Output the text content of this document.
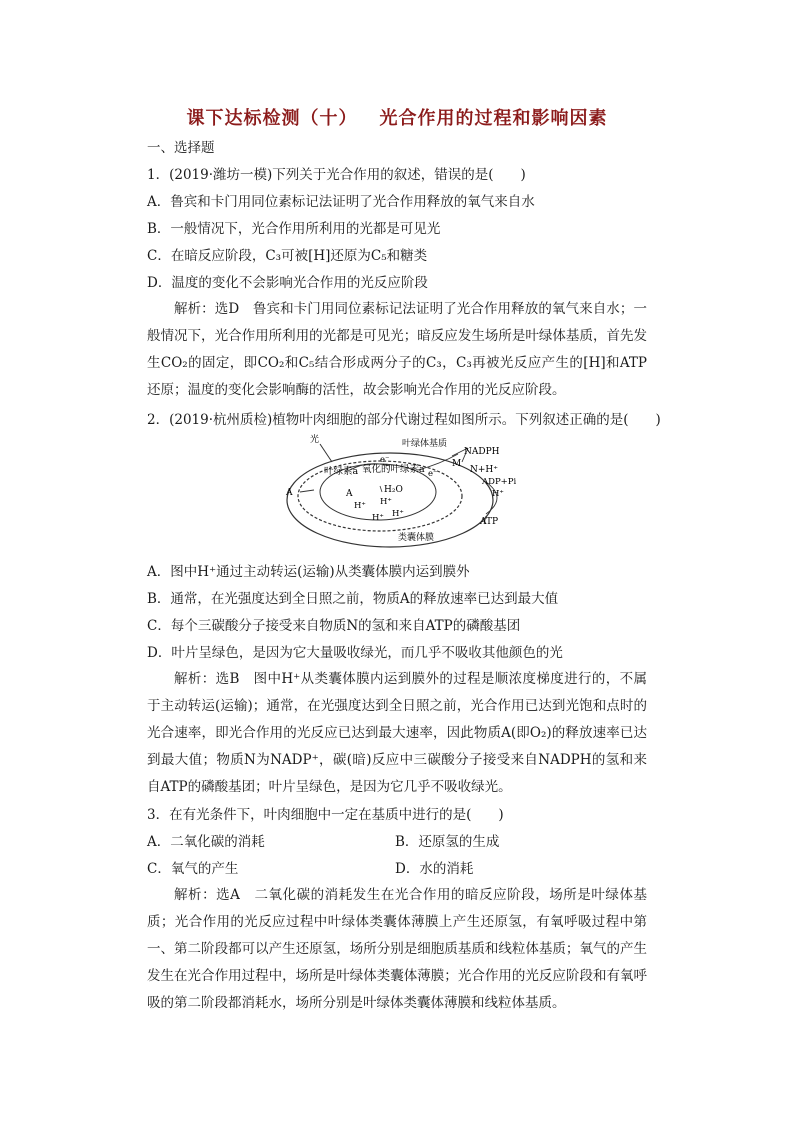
课下达标检测（十） 光合作用的过程和影响因素
一、选择题
1．(2019·潍坊一模)下列关于光合作用的叙述，错误的是(　　)
A．鲁宾和卡门用同位素标记法证明了光合作用释放的氧气来自水
B．一般情况下，光合作用所利用的光都是可见光
C．在暗反应阶段，C₃可被[H]还原为C₅和糖类
D．温度的变化不会影响光合作用的光反应阶段
解析：选D　鲁宾和卡门用同位素标记法证明了光合作用释放的氧气来自水；一般情况下，光合作用所利用的光都是可见光；暗反应发生场所是叶绿体基质，首先发生CO₂的固定，即CO₂和C₅结合形成两分子的C₃，C₃再被光反应产生的[H]和ATP还原；温度的变化会影响酶的活性，故会影响光合作用的光反应阶段。
2．(2019·杭州质检)植物叶肉细胞的部分代谢过程如图所示。下列叙述正确的是(　　)
光	叶绿体基质
NADPH
M
N+H⁺
e⁻
e⁻
叶绿素a 氧化的叶绿素a
ADP+Pi
H⁺
A	A	H₂O
H⁺ H⁺
H⁺ H⁺
ATP
类囊体膜
A．图中H⁺通过主动转运(运输)从类囊体膜内运到膜外
B．通常，在光强度达到全日照之前，物质A的释放速率已达到最大值
C．每个三碳酸分子接受来自物质N的氢和来自ATP的磷酸基团
D．叶片呈绿色，是因为它大量吸收绿光，而几乎不吸收其他颜色的光
解析：选B　图中H⁺从类囊体膜内运到膜外的过程是顺浓度梯度进行的，不属于主动转运(运输)；通常，在光强度达到全日照之前，光合作用已达到光饱和点时的光合速率，即光合作用的光反应已达到最大速率，因此物质A(即O₂)的释放速率已达到最大值；物质N为NADP⁺，碳(暗)反应中三碳酸分子接受来自NADPH的氢和来自ATP的磷酸基团；叶片呈绿色，是因为它几乎不吸收绿光。
3．在有光条件下，叶肉细胞中一定在基质中进行的是(　　)
A．二氧化碳的消耗	B．还原氢的生成
C．氧气的产生	D．水的消耗
解析：选A　二氧化碳的消耗发生在光合作用的暗反应阶段，场所是叶绿体基质；光合作用的光反应过程中叶绿体类囊体薄膜上产生还原氢，有氧呼吸过程中第一、第二阶段都可以产生还原氢，场所分别是细胞质基质和线粒体基质；氧气的产生发生在光合作用过程中，场所是叶绿体类囊体薄膜；光合作用的光反应阶段和有氧呼吸的第二阶段都消耗水，场所分别是叶绿体类囊体薄膜和线粒体基质。
